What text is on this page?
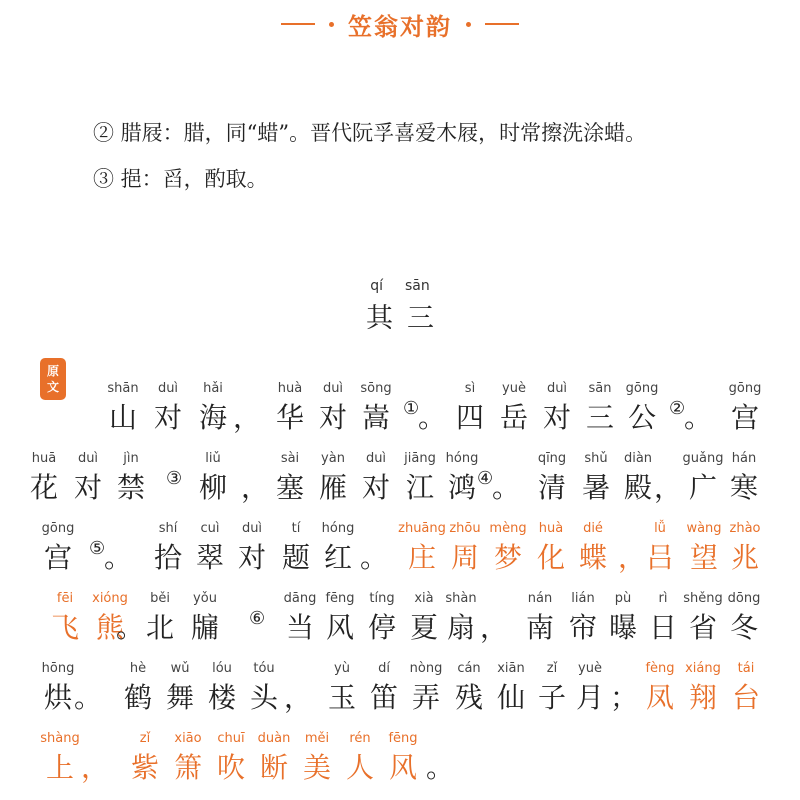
笠翁对韵
② 腊屐：腊，同“蜡”。晋代阮孚喜爱木屐，时常擦洗涂蜡。
③ 挹：舀，酌取。
qí sān
其三
原
文	shān
山
duì
对
hǎi
海 ，
huà
华
duì
对
sōng
嵩 ①
。
sì
四
yuè
岳
duì
对
sān
三
gōng
公 ②
。
gōng
宫
huā
花
duì
对
jìn
禁 ③
liǔ
柳 ，
sài
塞
yàn
雁
duì
对
jiāng
江
hóng
鸿 ④
。
qīng
清
shǔ
暑
diàn
殿 ，
guǎng
广
hán
寒
gōng
宫 ⑤
。
shí
拾
cuì
翠
duì
对
tí
题
hóng
红 。
zhuāng
庄
zhōu
周
mèng
梦
huà
化
dié
蝶 ，
lǚ
吕
wàng
望
zhào
兆
fēi
飞
xióng
熊
。
běi
北
yǒu
牖 ⑥
dāng
当
fēng
风
tíng
停
xià
夏
shàn
扇 ，
nán
南
lián
帘
pù
曝
rì
日
shěng
省
dōng
冬
hōng
烘 。
hè
鹤
wǔ
舞
lóu
楼
tóu
头 ，
yù
玉
dí
笛
nòng
弄
cán
残
xiān
仙
zǐ
子
yuè
月 ；
fèng
凤
xiáng
翔
tái
台
shàng
上 ，
zǐ
紫
xiāo
箫
chuī
吹
duàn
断
měi
美
rén
人
fēng
风 。
